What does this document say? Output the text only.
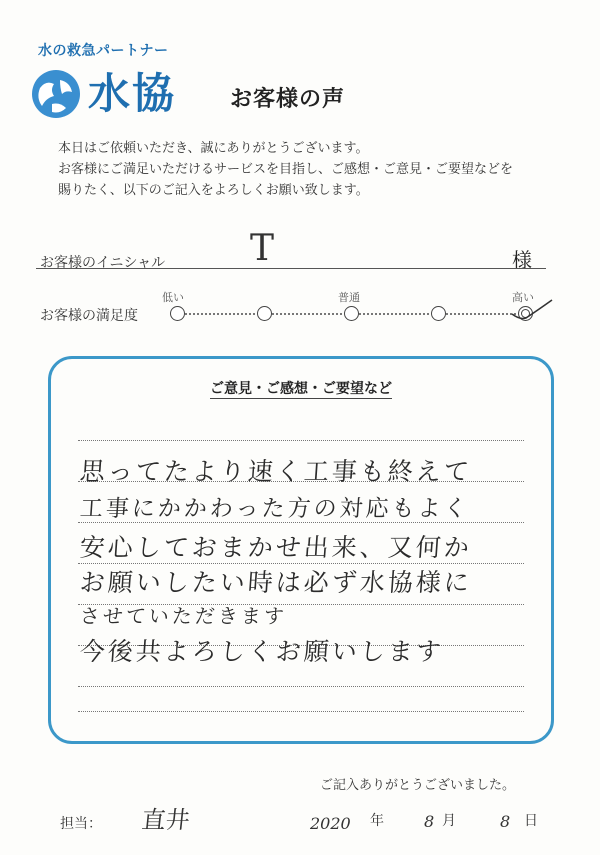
水の救急パートナー
水協 お客様の声
本日はご依頼いただき、誠にありがとうございます。
お客様にご満足いただけるサービスを目指し、ご感想・ご意見・ご要望などを
賜りたく、以下のご記入をよろしくお願い致します。
お客様のイニシャル T	様
低い	普通	高い
お客様の満足度
ご意見・ご感想・ご要望など
思ってたより速く工事も終えて
工事にかかわった方の対応もよく
安心しておまかせ出来、又何か
お願いしたい時は必ず水協様に
させていただきます
今後共よろしくお願いします
ご記入ありがとうございました。
担当： 直井	2020 年	8 月	8 日
